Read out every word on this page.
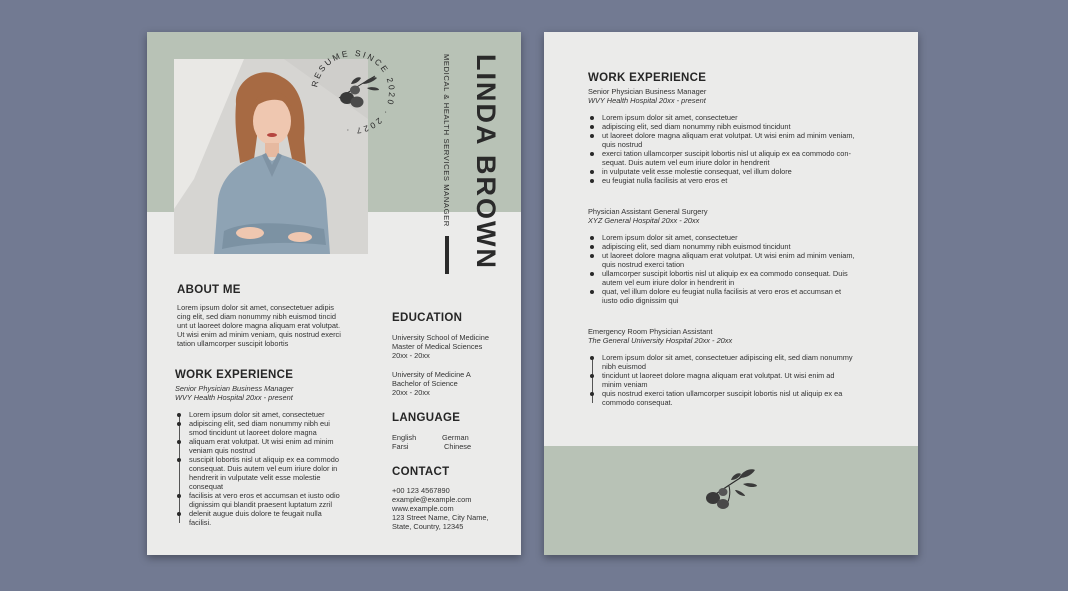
RESUME SINCE 2020 · 2027 ·	MEDICAL & HEALTH SERVICES MANAGER LINDA BROWN
ABOUT ME

Lorem ipsum dolor sit amet, consectetuer adipis
cing elit, sed diam nonummy nibh euismod tincid
unt ut laoreet dolore magna aliquam erat volutpat.
Ut wisi enim ad minim veniam, quis nostrud exerci
tation ullamcorper suscipit lobortis

WORK EXPERIENCE

Senior Physician Business Manager

WVY Health Hospital 20xx - present

Lorem ipsum dolor sit amet, consectetuer
adipiscing elit, sed diam nonummy nibh eui
smod tincidunt ut laoreet dolore magna
aliquam erat volutpat. Ut wisi enim ad minim
veniam quis nostrud
suscipit lobortis nisl ut aliquip ex ea commodo
consequat. Duis autem vel eum iriure dolor in
hendrerit in vulputate velit esse molestie
consequat
facilisis at vero eros et accumsan et iusto odio
dignissim qui blandit praesent luptatum zzril
delenit augue duis dolore te feugait nulla
facilisi.
EDUCATION

University School of Medicine
Master of Medical Sciences
20xx - 20xx

University of Medicine A
Bachelor of Science
20xx - 20xx

LANGUAGE
English	German
Farsi	Chinese
CONTACT

+00 123 4567890
example@example.com
www.example.com
123 Street Name, City Name,
State, Country, 12345

WORK EXPERIENCE
Senior Physician Business Manager
WVY Health Hospital 20xx - present
Lorem ipsum dolor sit amet, consectetuer
adipiscing elit, sed diam nonummy nibh euismod tincidunt
ut laoreet dolore magna aliquam erat volutpat. Ut wisi enim ad minim veniam,
quis nostrud
exerci tation ullamcorper suscipit lobortis nisl ut aliquip ex ea commodo con-
sequat. Duis autem vel eum iriure dolor in hendrerit
in vulputate velit esse molestie consequat, vel illum dolore
eu feugiat nulla facilisis at vero eros et
Physician Assistant General Surgery
XYZ General Hospital 20xx - 20xx
Lorem ipsum dolor sit amet, consectetuer
adipiscing elit, sed diam nonummy nibh euismod tincidunt
ut laoreet dolore magna aliquam erat volutpat. Ut wisi enim ad minim veniam,
quis nostrud exerci tation
ullamcorper suscipit lobortis nisl ut aliquip ex ea commodo consequat. Duis
autem vel eum iriure dolor in hendrerit in
quat, vel illum dolore eu feugiat nulla facilisis at vero eros et accumsan et
iusto odio dignissim qui
Emergency Room Physician Assistant
The General University Hospital 20xx - 20xx
Lorem ipsum dolor sit amet, consectetuer adipiscing elit, sed diam nonummy
nibh euismod
tincidunt ut laoreet dolore magna aliquam erat volutpat. Ut wisi enim ad
minim veniam
quis nostrud exerci tation ullamcorper suscipit lobortis nisl ut aliquip ex ea
commodo consequat.
